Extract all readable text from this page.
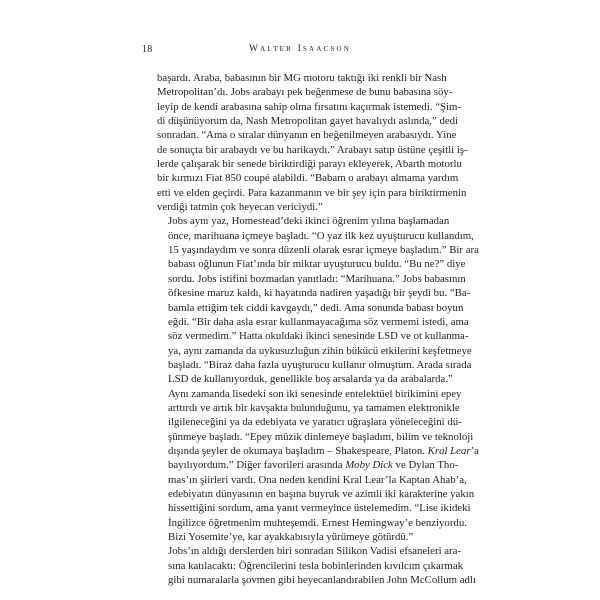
18	Walter Isaacson

başardı. Araba, babasının bir MG motoru taktığı iki renkli bir Nash
Metropolitan’dı. Jobs arabayı pek beğenmese de bunu babasına söy-
leyip de kendi arabasına sahip olma fırsatını kaçırmak istemedi. “Şim-
di düşünüyorum da, Nash Metropolitan gayet havalıydı aslında,” dedi
sonradan. “Ama o sıralar dünyanın en beğenilmeyen arabasıydı. Yine
de sonuçta bir arabaydı ve bu harikaydı.” Arabayı satıp üstüne çeşitli iş-
lerde çalışarak bir senede biriktirdiği parayı ekleyerek, Abarth motorlu
bir kırmızı Fiat 850 coupé alabildi. “Babam o arabayı almama yardım
etti ve elden geçirdi. Para kazanmanın ve bir şey için para biriktirmenin
verdiği tatmin çok heyecan vericiydi.”

Jobs aynı yaz, Homestead’deki ikinci öğrenim yılına başlamadan
önce, marihuana içmeye başladı. “O yaz ilk kez uyuşturucu kullandım,
15 yaşındaydım ve sonra düzenli olarak esrar içmeye başladım.” Bir ara
babası oğlunun Fiat’ında bir miktar uyuşturucu buldu. “Bu ne?” diye
sordu. Jobs istifini bozmadan yanıtladı: “Marihuana.” Jobs babasının
öfkesine maruz kaldı, ki hayatında nadiren yaşadığı bir şeydi bu. “Ba-
bamla ettiğim tek ciddi kavgaydı,” dedi. Ama sonunda babası boyun
eğdi. “Bir daha asla esrar kullanmayacağıma söz vermemi istedi, ama
söz vermedim.” Hatta okuldaki ikinci senesinde LSD ve ot kullanma-
ya, aynı zamanda da uykusuzluğun zihin bükücü etkilerini keşfetmeye
başladı. “Biraz daha fazla uyuşturucu kullanır olmuştum. Arada sırada
LSD de kullanıyorduk, genellikle boş arsalarda ya da arabalarda.”

Aynı zamanda lisedeki son iki senesinde entelektüel birikimini epey
arttırdı ve artık bir kavşakta bulunduğunu, ya tamamen elektronikle
ilgileneceğini ya da edebiyata ve yaratıcı uğraşlara yöneleceğini dü-
şünmeye başladı. “Epey müzik dinlemeye başladım, bilim ve teknoloji
dışında şeyler de okumaya başladım – Shakespeare, Platon. Kral Lear’a
bayılıyordum.” Diğer favorileri arasında Moby Dick ve Dylan Tho-
mas’ın şiirleri vardı. Ona neden kendini Kral Lear’la Kaptan Ahab’a,
edebiyatın dünyasının en başına buyruk ve azimli iki karakterine yakın
hissettiğini sordum, ama yanıt vermeyince üstelemedim. “Lise ikideki
İngilizce öğretmenim muhteşemdi. Ernest Hemingway’e benziyordu.
Bizi Yosemite’ye, kar ayakkabısıyla yürümeye götürdü.”

Jobs’ın aldığı derslerden biri sonradan Silikon Vadisi efsaneleri ara-
sına katılacaktı: Öğrencilerini tesla bobinlerinden kıvılcım çıkarmak
gibi numaralarla şovmen gibi heyecanlandırabilen John McCollum adlı
